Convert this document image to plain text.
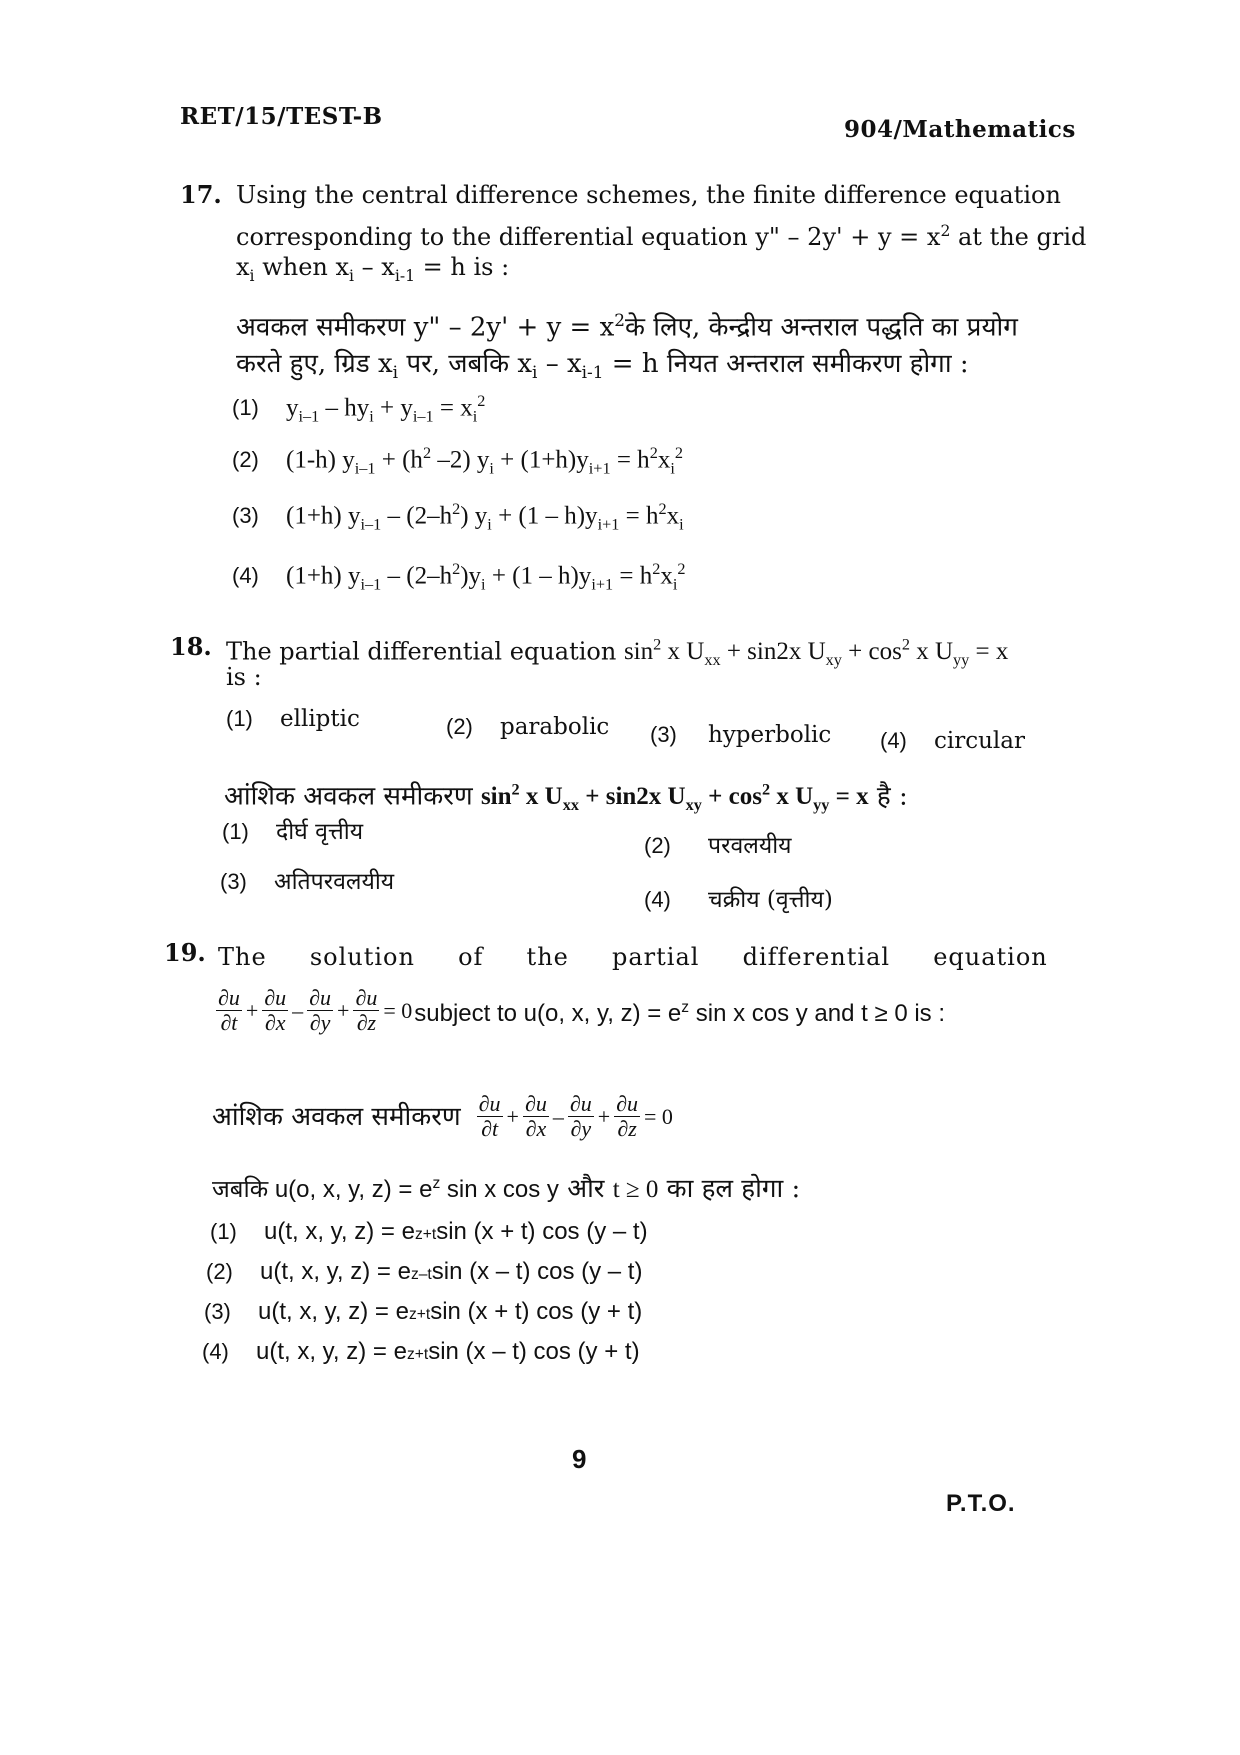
RET/15/TEST-B	904/Mathematics
17. Using the central difference schemes, the finite difference equation
corresponding to the differential equation y" – $2y' + y = x^2$ at the grid
$x_i$ when $x_i - x_{i-1} = h$ is :
अवकल समीकरण y" – $2y' + y = x^2के$ लिए, केन्द्रीय अन्तराल पद्धति का प्रयोग
करते हुए, ग्रिड $x_i$ पर, जबकि $x_i - x_{i-1} = h$ नियत अन्तराल समीकरण होगा :
(1)	$y_{i-1} - hy_i + y_{i-1} = x_i^2$
(2)	(1-h) $y_{i-1} + (h^2$ –2) $y_i + (1+h)y_{i+1} = h^2x_i^2$
(3)	(1+h) $y_{i-1} - (2-h^2) y_i + (1 - h)y_{i+1} = h^2x_i$
(4)	(1+h) $y_{i-1} - (2-h^2)y_i + (1 - h)y_{i+1} = h^2x_i^2$
18. The partial differential equation $\sin^2 x$ $U_{xx} + \sin 2x$ $U_{xy} + \cos^2 x$ $U_{yy} = x$
is :
(1)	elliptic	(2)	parabolic (3)	hyperbolic (4)	circular
आंशिक अवकल समीकरण $\sin^2 x$ $U_{xx} + \sin 2x$ $U_{xy} + \cos^2 x$ $U_{yy} = x$ है :
(1)	दीर्घ वृत्तीय
(2)	परवलयीय
(3)	अतिपरवलयीय
(4)	चक्रीय (वृत्तीय)
19. The     solution     of     the     partial     differential     equation
$\frac{\partial u}{\partial t} + \frac{\partial u}{\partial x} - \frac{\partial u}{\partial y} + \frac{\partial u}{\partial z} = 0$ subject to u(o, x, y, $z) = e^z$ sin x cos y and t ≥ 0 is :
आंशिक अवकल समीकरण $\frac{\partial u}{\partial t} + \frac{\partial u}{\partial x} - \frac{\partial u}{\partial y} + \frac{\partial u}{\partial z} = 0$
जबकि u(o, x, y, $z) = e^z$ sin x cos y और t ≥ 0 का हल होगा :
(1)	u(t, x, y, z) = e z+t sin (x + t) cos (y – t)
(2)	u(t, x, y, z) = e z–t sin (x – t) cos (y – t)
(3)	u(t, x, y, z) = e z+t sin (x + t) cos (y + t)
(4)	u(t, x, y, z) = e z+t sin (x – t) cos (y + t)
9
P.T.O.
